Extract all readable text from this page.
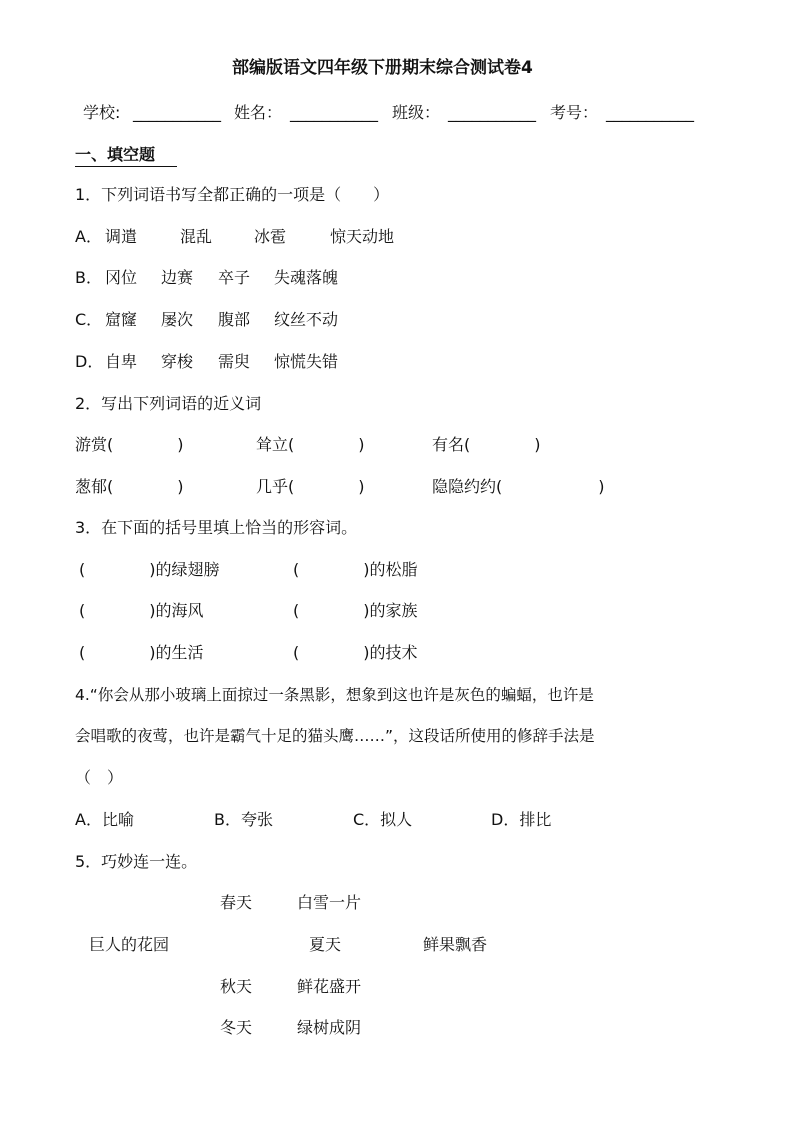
部编版语文四年级下册期末综合测试卷4
学校: ___________ 姓名： ___________ 班级： ___________ 考号： ___________
一、填空题
1．下列词语书写全都正确的一项是（　　）
A． 调遣	混乱	冰雹	惊天动地
B． 冈位 边赛 卒子 失魂落魄
C． 窟窿 屡次 腹部 纹丝不动
D． 自卑 穿梭 需臾 惊慌失错
2．写出下列词语的近义词
游赏(　　　　)	耸立(　　　　)	有名(　　　　)
葱郁(　　　　)	几乎(　　　　)	隐隐约约(　　　　　　)
3．在下面的括号里填上恰当的形容词。
(　　　　)的绿翅膀	(　　　　)的松脂
(　　　　)的海风	(　　　　)的家族
(　　　　)的生活	(　　　　)的技术
4.“你会从那小玻璃上面掠过一条黑影，想象到这也许是灰色的蝙蝠，也许是
会唱歌的夜莺，也许是霸气十足的猫头鹰……”，这段话所使用的修辞手法是
（　）
A．比喻	B．夸张	C．拟人	D．排比
5．巧妙连一连。
春天	白雪一片
巨人的花园	夏天	鲜果飘香
秋天	鲜花盛开
冬天	绿树成阴
